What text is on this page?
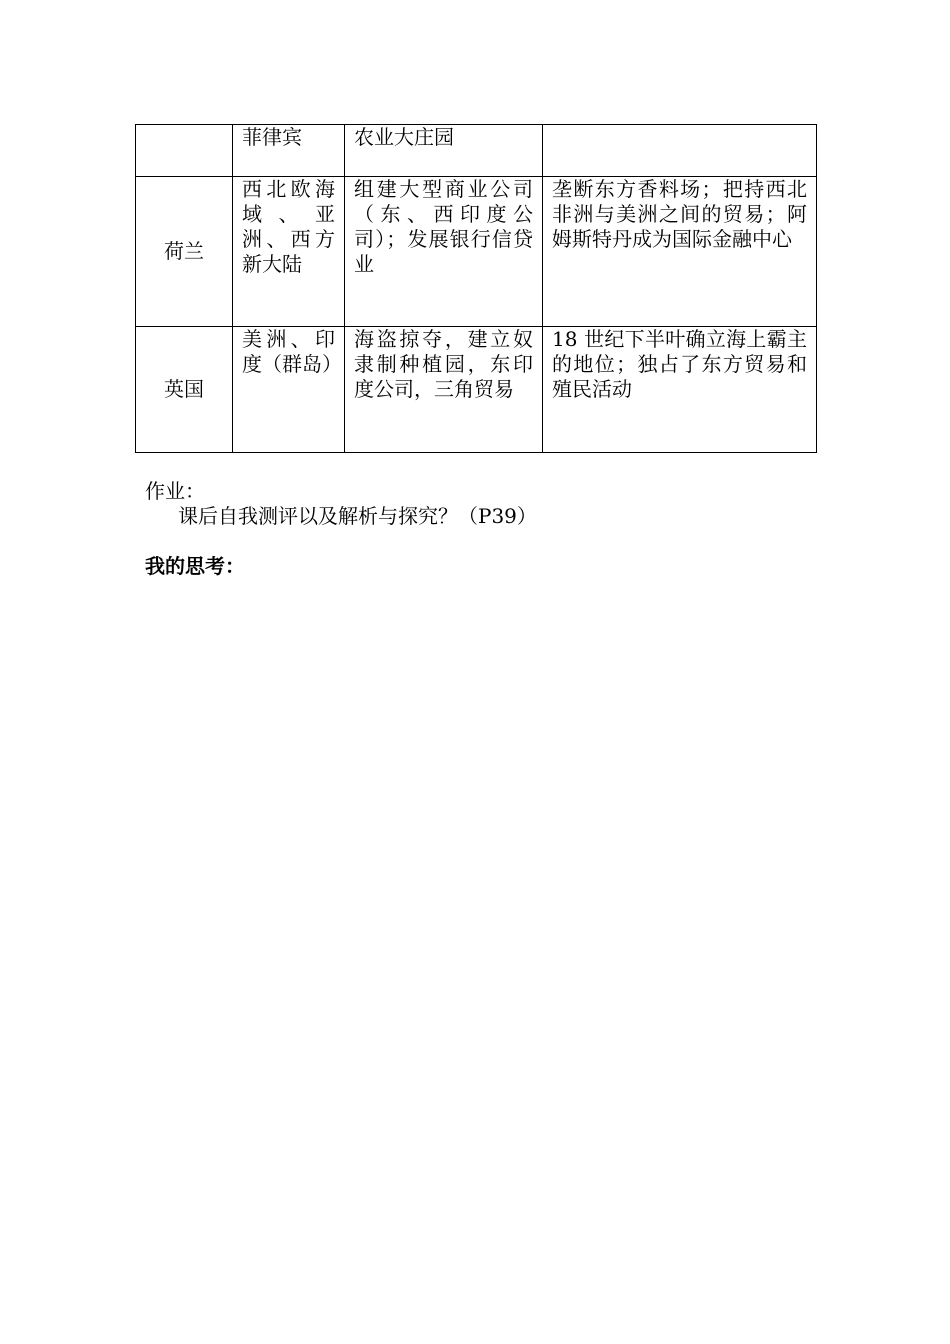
	菲律宾	农业大庄园	
荷兰	西北欧海域、亚洲、西方新大陆	组建大型商业公司（东、西印度公司）；发展银行信贷业	垄断东方香料场；把持西北非洲与美洲之间的贸易；阿姆斯特丹成为国际金融中心
英国	美洲、印度（群岛）	海盗掠夺，建立奴隶制种植园，东印度公司，三角贸易	18 世纪下半叶确立海上霸主的地位；独占了东方贸易和殖民活动
作业：
课后自我测评以及解析与探究？（P39）
我的思考：
